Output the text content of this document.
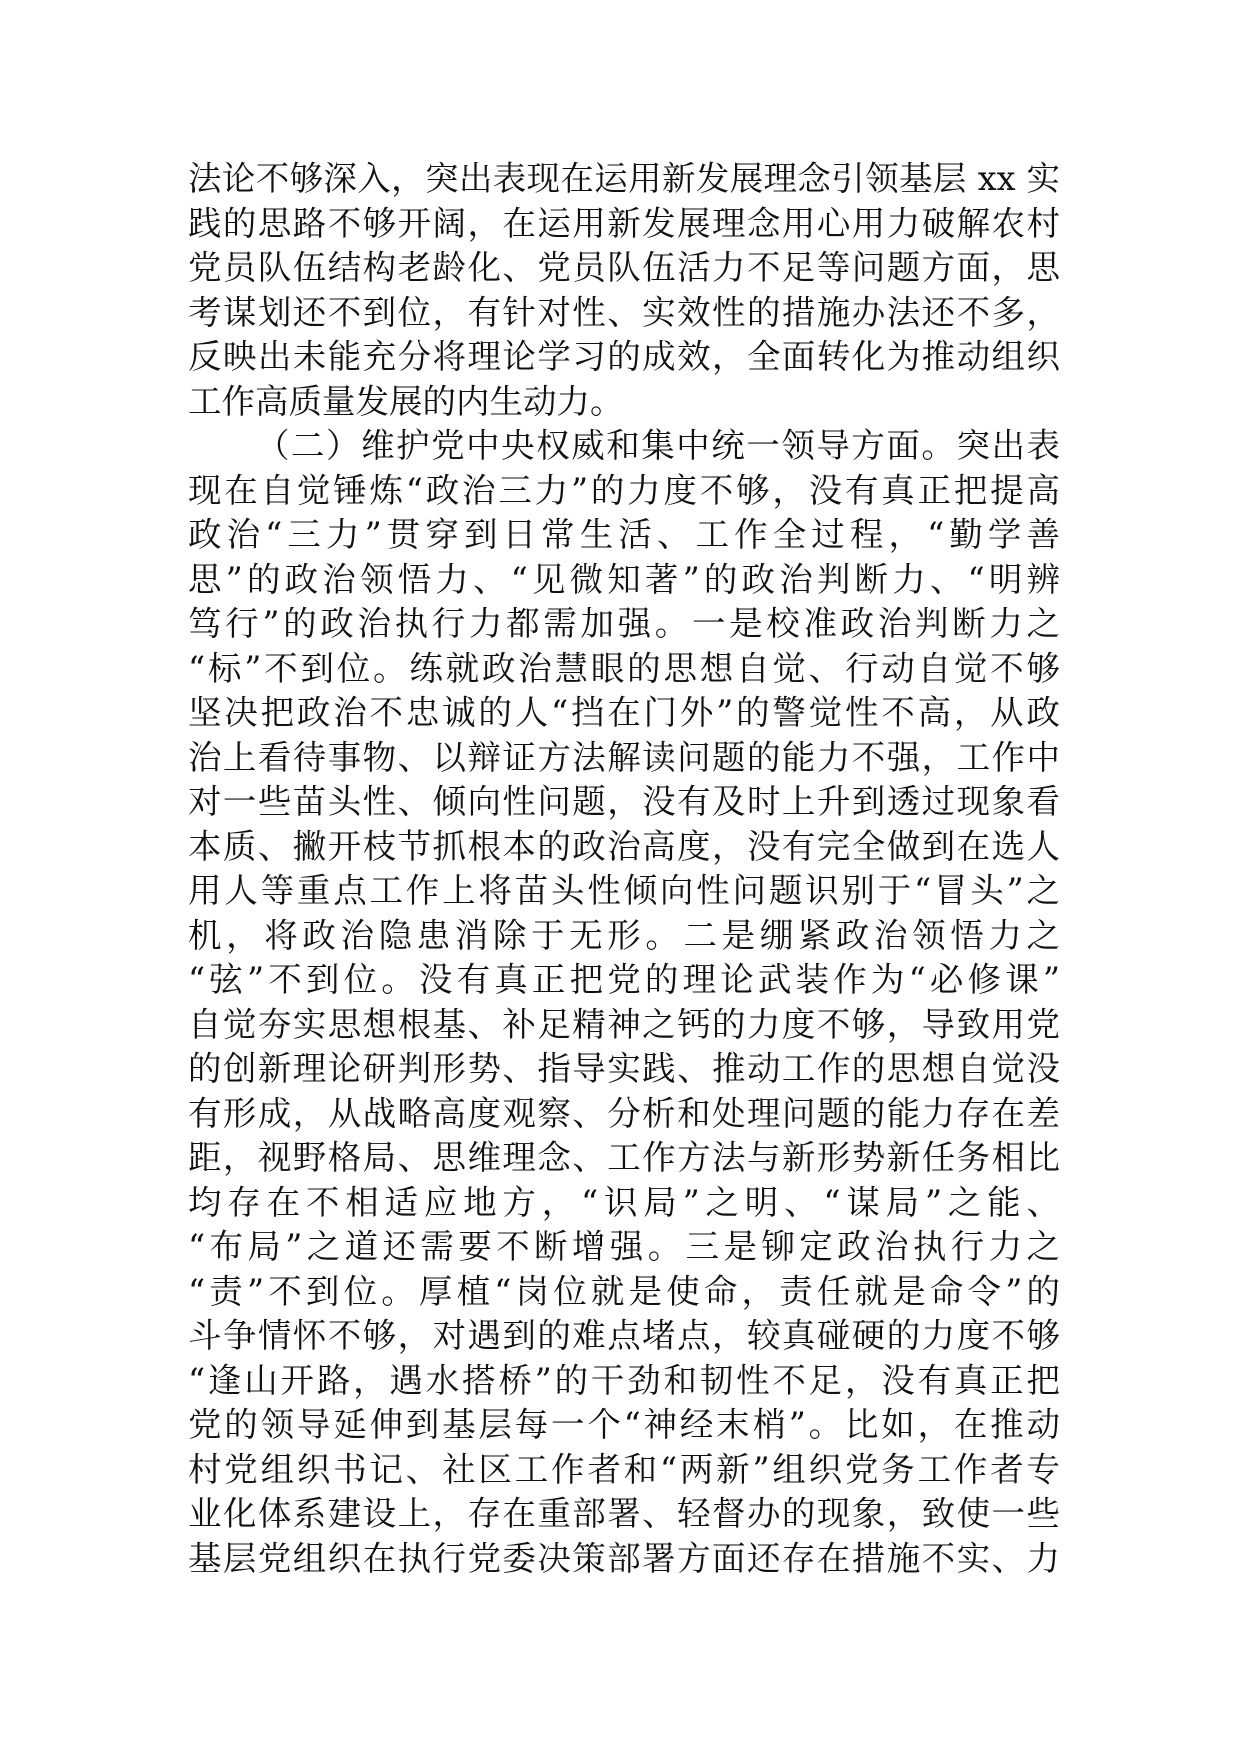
法论不够深入，突出表现在运用新发展理念引领基层 xx 实
践的思路不够开阔，在运用新发展理念用心用力破解农村
党员队伍结构老龄化、党员队伍活力不足等问题方面，思
考谋划还不到位，有针对性、实效性的措施办法还不多，
反映出未能充分将理论学习的成效，全面转化为推动组织
工作高质量发展的内生动力。
（二）维护党中央权威和集中统一领导方面。突出表
现在自觉锤炼“政治三力”的力度不够，没有真正把提高
政治“三力”贯穿到日常生活、工作全过程，“勤学善
思”的政治领悟力、“见微知著”的政治判断力、“明辨
笃行”的政治执行力都需加强。一是校准政治判断力之
“标”不到位。练就政治慧眼的思想自觉、行动自觉不够
坚决把政治不忠诚的人“挡在门外”的警觉性不高，从政
治上看待事物、以辩证方法解读问题的能力不强，工作中
对一些苗头性、倾向性问题，没有及时上升到透过现象看
本质、撇开枝节抓根本的政治高度，没有完全做到在选人
用人等重点工作上将苗头性倾向性问题识别于“冒头”之
机，将政治隐患消除于无形。二是绷紧政治领悟力之
“弦”不到位。没有真正把党的理论武装作为“必修课”
自觉夯实思想根基、补足精神之钙的力度不够，导致用党
的创新理论研判形势、指导实践、推动工作的思想自觉没
有形成，从战略高度观察、分析和处理问题的能力存在差
距，视野格局、思维理念、工作方法与新形势新任务相比
均存在不相适应地方，“识局”之明、“谋局”之能、
“布局”之道还需要不断增强。三是铆定政治执行力之
“责”不到位。厚植“岗位就是使命，责任就是命令”的
斗争情怀不够，对遇到的难点堵点，较真碰硬的力度不够
“逢山开路，遇水搭桥”的干劲和韧性不足，没有真正把
党的领导延伸到基层每一个“神经末梢”。比如，在推动
村党组织书记、社区工作者和“两新”组织党务工作者专
业化体系建设上，存在重部署、轻督办的现象，致使一些
基层党组织在执行党委决策部署方面还存在措施不实、力
